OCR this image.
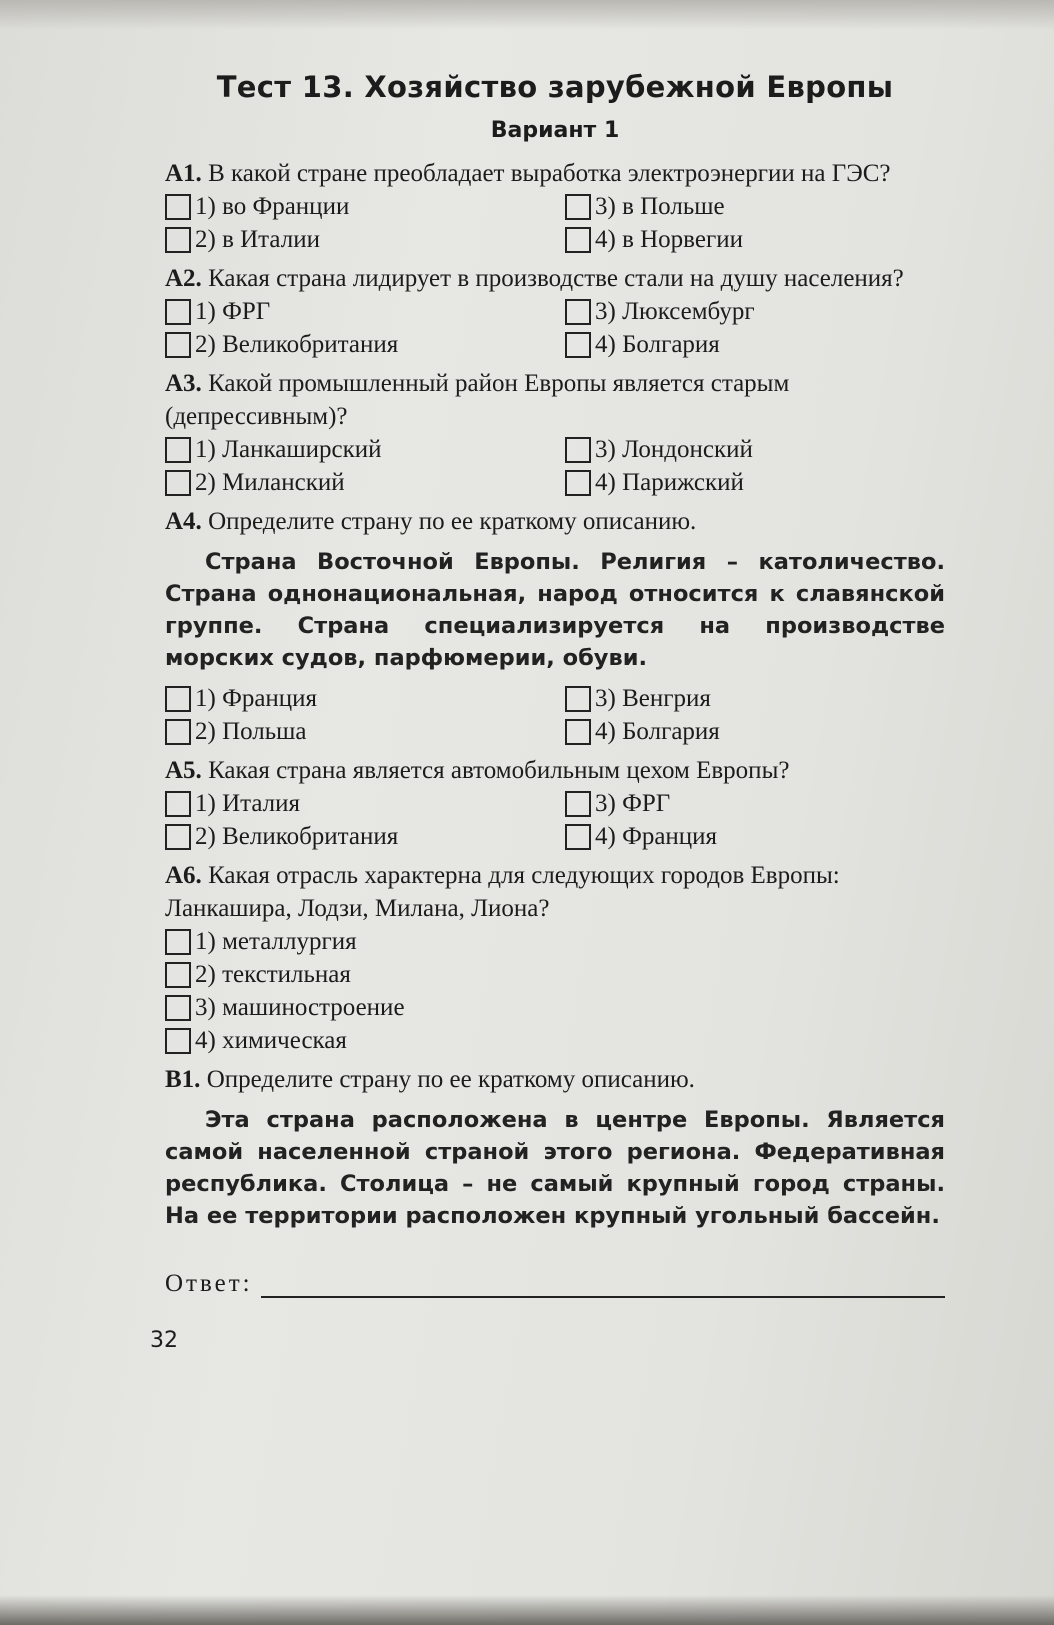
Тест 13. Хозяйство зарубежной Европы
Вариант 1

А1. В какой стране преобладает выработка электроэнергии на ГЭС?

1) во Франции	3) в Польше
2) в Италии	4) в Норвегии

А2. Какая страна лидирует в производстве стали на душу населения?

1) ФРГ	3) Люксембург
2) Великобритания	4) Болгария

А3. Какой промышленный район Европы является старым (депрессивным)?

1) Ланкаширский	3) Лондонский
2) Миланский	4) Парижский

А4. Определите страну по ее краткому описанию.

Страна Восточной Европы. Религия – католичество. Страна однонациональная, народ относится к славянской группе. Страна специализируется на производстве морских судов, парфюмерии, обуви.

1) Франция	3) Венгрия
2) Польша	4) Болгария

А5. Какая страна является автомобильным цехом Европы?

1) Италия	3) ФРГ
2) Великобритания	4) Франция

А6. Какая отрасль характерна для следующих городов Европы: Ланкашира, Лодзи, Милана, Лиона?

1) металлургия
2) текстильная
3) машиностроение
4) химическая

В1. Определите страну по ее краткому описанию.

Эта страна расположена в центре Европы. Является самой населенной страной этого региона. Федеративная республика. Столица – не самый крупный город страны. На ее территории расположен крупный угольный бассейн.

Ответ:
32
